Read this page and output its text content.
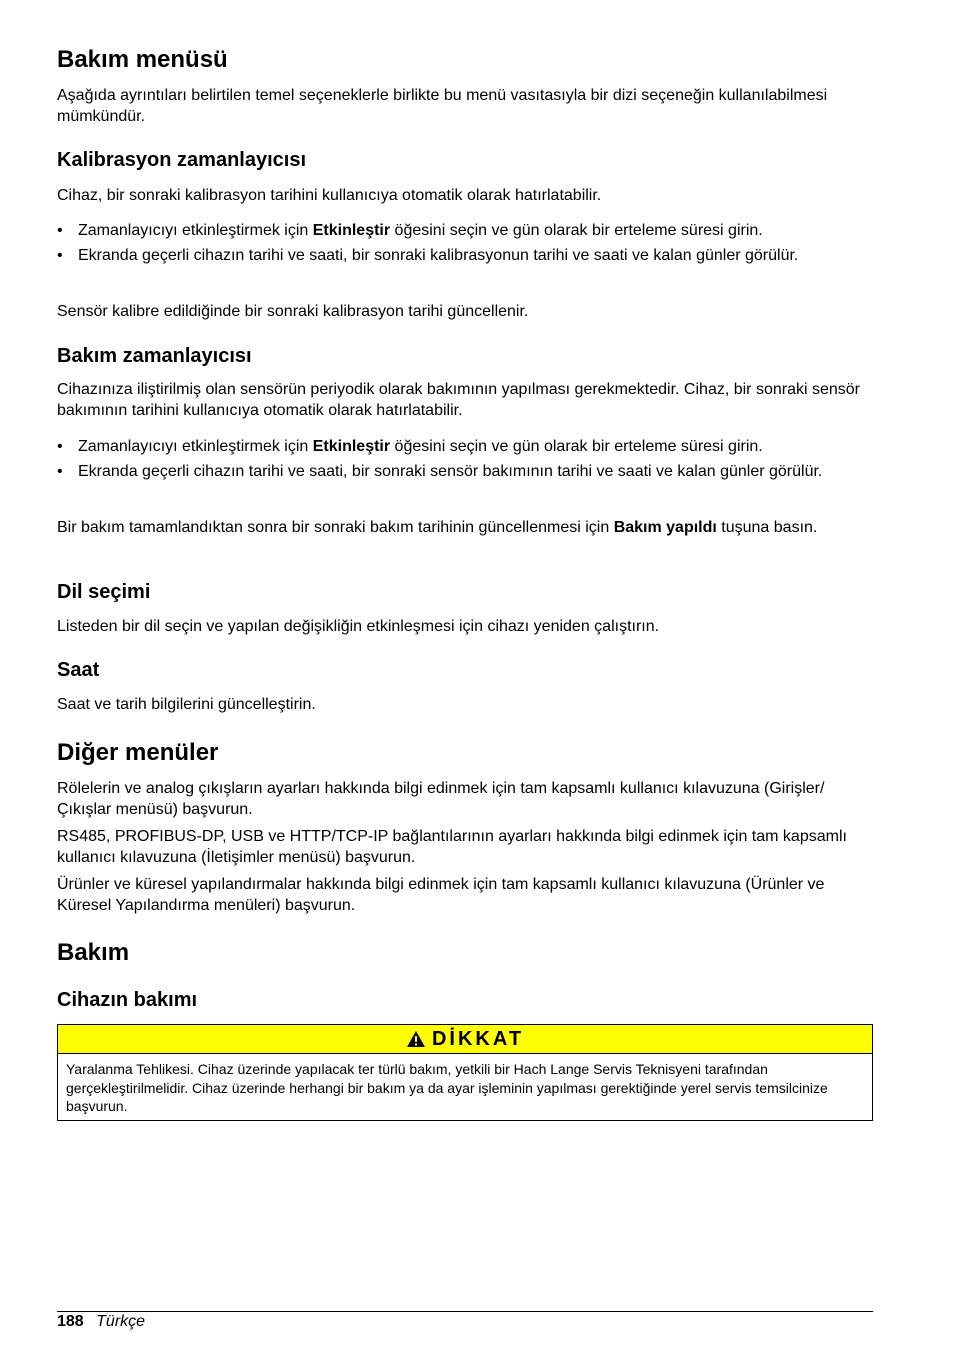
Bakım menüsü

Aşağıda ayrıntıları belirtilen temel seçeneklerle birlikte bu menü vasıtasıyla bir dizi seçeneğin kullanılabilmesi mümkündür.

Kalibrasyon zamanlayıcısı

Cihaz, bir sonraki kalibrasyon tarihini kullanıcıya otomatik olarak hatırlatabilir.

• Zamanlayıcıyı etkinleştirmek için Etkinleştir öğesini seçin ve gün olarak bir erteleme süresi girin.
• Ekranda geçerli cihazın tarihi ve saati, bir sonraki kalibrasyonun tarihi ve saati ve kalan günler görülür.

Sensör kalibre edildiğinde bir sonraki kalibrasyon tarihi güncellenir.

Bakım zamanlayıcısı

Cihazınıza iliştirilmiş olan sensörün periyodik olarak bakımının yapılması gerekmektedir. Cihaz, bir sonraki sensör bakımının tarihini kullanıcıya otomatik olarak hatırlatabilir.

• Zamanlayıcıyı etkinleştirmek için Etkinleştir öğesini seçin ve gün olarak bir erteleme süresi girin.
• Ekranda geçerli cihazın tarihi ve saati, bir sonraki sensör bakımının tarihi ve saati ve kalan günler görülür.

Bir bakım tamamlandıktan sonra bir sonraki bakım tarihinin güncellenmesi için Bakım yapıldı tuşuna basın.

Dil seçimi

Listeden bir dil seçin ve yapılan değişikliğin etkinleşmesi için cihazı yeniden çalıştırın.

Saat

Saat ve tarih bilgilerini güncelleştirin.

Diğer menüler

Rölelerin ve analog çıkışların ayarları hakkında bilgi edinmek için tam kapsamlı kullanıcı kılavuzuna (Girişler/Çıkışlar menüsü) başvurun.

RS485, PROFIBUS-DP, USB ve HTTP/TCP-IP bağlantılarının ayarları hakkında bilgi edinmek için tam kapsamlı kullanıcı kılavuzuna (İletişimler menüsü) başvurun.

Ürünler ve küresel yapılandırmalar hakkında bilgi edinmek için tam kapsamlı kullanıcı kılavuzuna (Ürünler ve Küresel Yapılandırma menüleri) başvurun.

Bakım
Cihazın bakımı
DİKKAT
Yaralanma Tehlikesi. Cihaz üzerinde yapılacak ter türlü bakım, yetkili bir Hach Lange Servis Teknisyeni tarafından gerçekleştirilmelidir. Cihaz üzerinde herhangi bir bakım ya da ayar işleminin yapılması gerektiğinde yerel servis temsilcinize başvurun.
188 Türkçe
